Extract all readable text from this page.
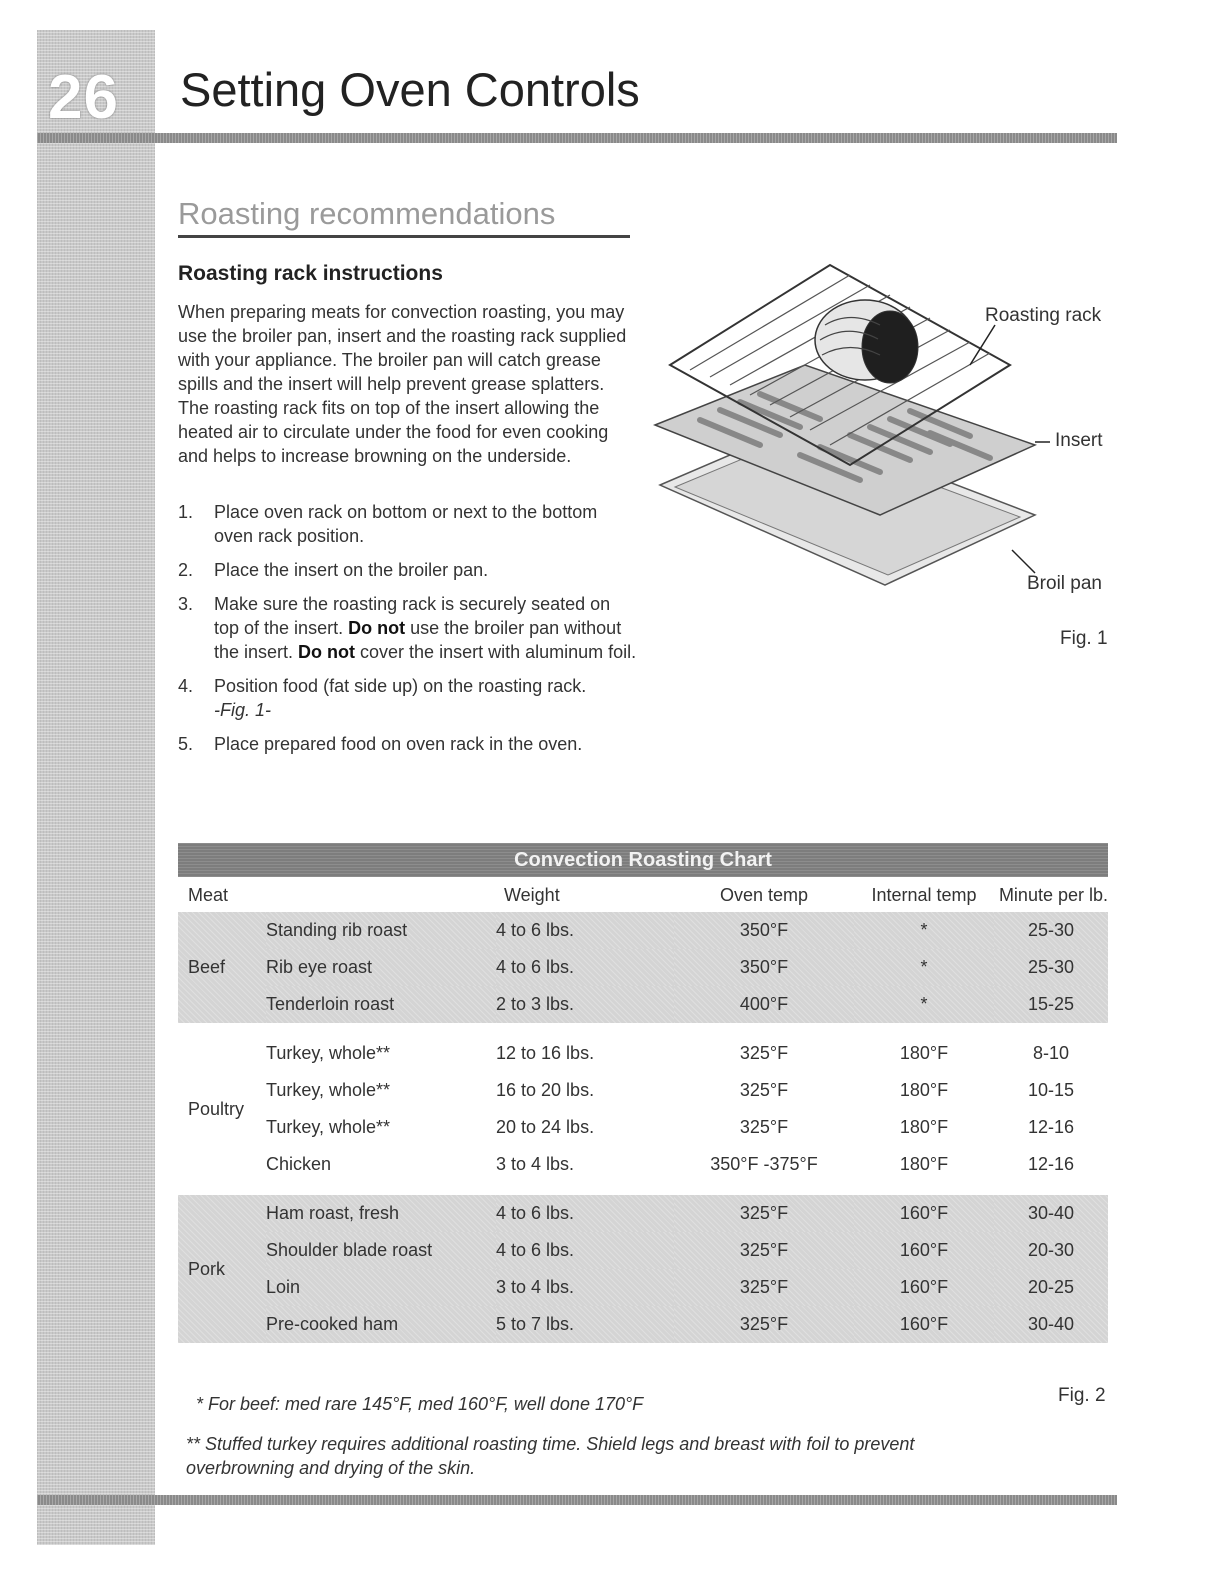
26	Setting Oven Controls
Roasting recommendations
Roasting rack instructions
When preparing meats for convection roasting, you may use the broiler pan, insert and the roasting rack supplied with your appliance. The broiler pan will catch grease spills and the insert will help prevent grease splatters. The roasting rack fits on top of the insert allowing the heated air to circulate under the food for even cooking and helps to increase browning on the underside.
1. Place oven rack on bottom or next to the bottom oven rack position.
2. Place the insert on the broiler pan.
3. Make sure the roasting rack is securely seated on top of the insert. Do not use the broiler pan without the insert. Do not cover the insert with aluminum foil.
4. Position food (fat side up) on the roasting rack.
-Fig. 1-
5. Place prepared food on oven rack in the oven.
Roasting rack
Insert
Broil pan
Fig. 1
Convection Roasting Chart
Meat		Weight	Oven temp	Internal temp	Minute per lb.
Beef	Standing rib roast	4 to 6 lbs.	350°F	*	25-30
	Rib eye roast	4 to 6 lbs.	350°F	*	25-30
	Tenderloin roast	2 to 3 lbs.	400°F	*	15-25

Poultry	Turkey, whole**	12 to 16 lbs.	325°F	180°F	8-10
	Turkey, whole**	16 to 20 lbs.	325°F	180°F	10-15
	Turkey, whole**	20 to 24 lbs.	325°F	180°F	12-16
	Chicken	3 to 4 lbs.	350°F -375°F	180°F	12-16

Pork	Ham roast, fresh	4 to 6 lbs.	325°F	160°F	30-40
	Shoulder blade roast	4 to 6 lbs.	325°F	160°F	20-30
	Loin	3 to 4 lbs.	325°F	160°F	20-25
	Pre-cooked ham	5 to 7 lbs.	325°F	160°F	30-40
* For beef: med rare 145°F, med 160°F, well done 170°F	Fig. 2
** Stuffed turkey requires additional roasting time. Shield legs and breast with foil to prevent overbrowning and drying of the skin.
